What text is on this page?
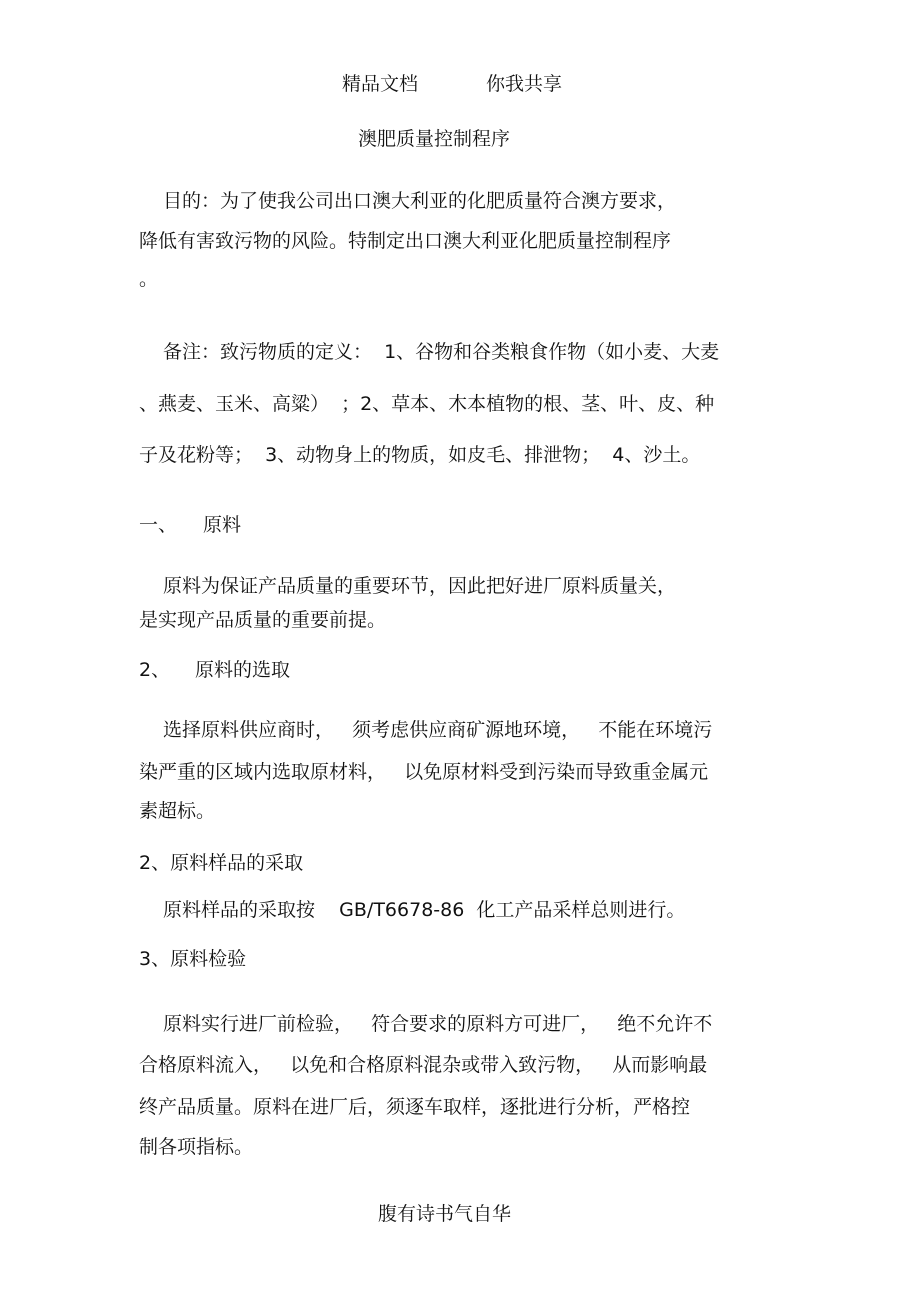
精品文档	你我共享
澳肥质量控制程序
目的：为了使我公司出口澳大利亚的化肥质量符合澳方要求，
降低有害致污物的风险。特制定出口澳大利亚化肥质量控制程序
。
备注：致污物质的定义：  1、谷物和谷类粮食作物（如小麦、大麦
、燕麦、玉米、高粱）  ；2、草本、木本植物的根、茎、叶、皮、种
子及花粉等；  3、动物身上的物质，如皮毛、排泄物；  4、沙土。
一、 原料
原料为保证产品质量的重要环节，因此把好进厂原料质量关，
是实现产品质量的重要前提。
2、 原料的选取
选择原料供应商时，   须考虑供应商矿源地环境，   不能在环境污
染严重的区域内选取原材料，   以免原材料受到污染而导致重金属元
素超标。
2、原料样品的采取
原料样品的采取按    GB/T6678-86  化工产品采样总则进行。
3、原料检验
原料实行进厂前检验，   符合要求的原料方可进厂，   绝不允许不
合格原料流入，   以免和合格原料混杂或带入致污物，   从而影响最
终产品质量。原料在进厂后，须逐车取样，逐批进行分析，严格控
制各项指标。
腹有诗书气自华
